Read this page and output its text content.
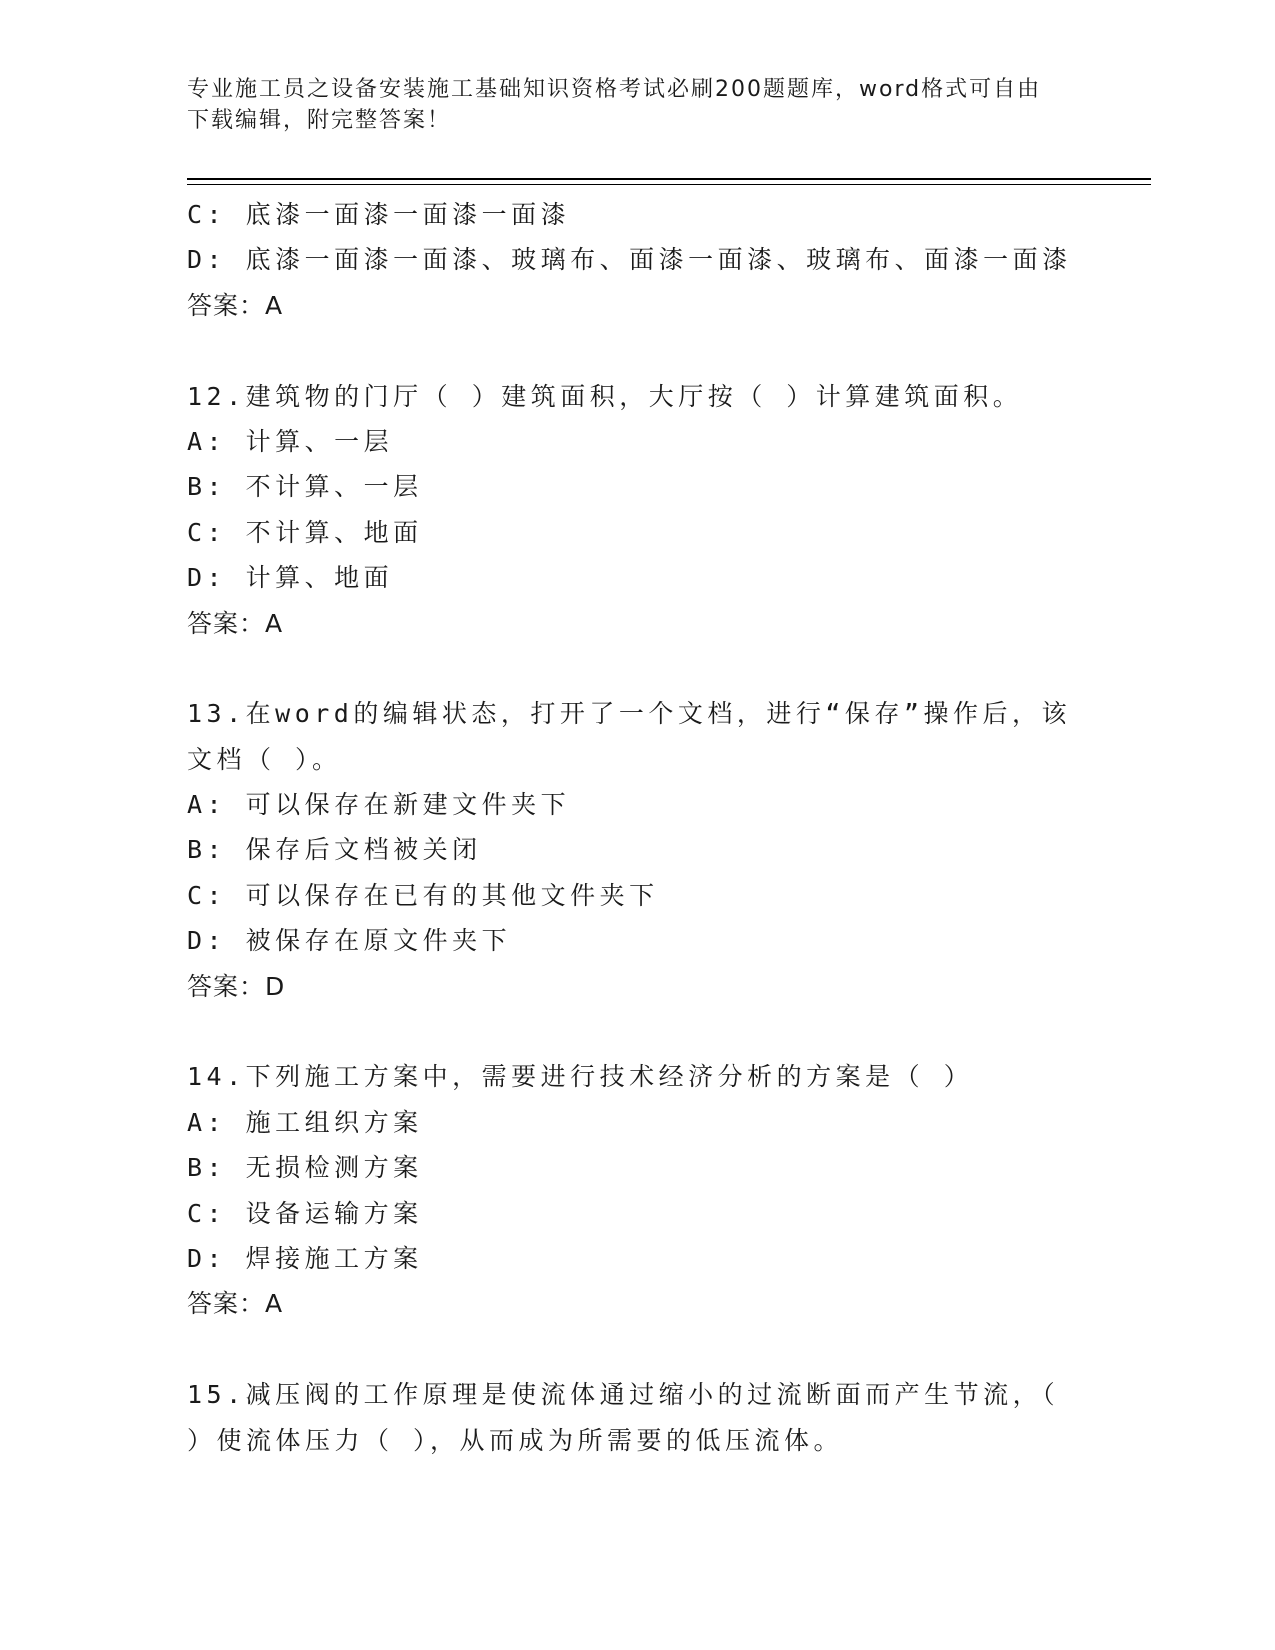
专业施工员之设备安装施工基础知识资格考试必刷200题题库，word格式可自由
下载编辑，附完整答案！
C: 底漆一面漆一面漆一面漆
D: 底漆一面漆一面漆、玻璃布、面漆一面漆、玻璃布、面漆一面漆
答案：A
12.建筑物的门厅（ ）建筑面积，大厅按（ ）计算建筑面积。
A: 计算、一层
B: 不计算、一层
C: 不计算、地面
D: 计算、地面
答案：A
13.在word的编辑状态，打开了一个文档，进行“保存”操作后，该
文档（ ）。
A: 可以保存在新建文件夹下
B: 保存后文档被关闭
C: 可以保存在已有的其他文件夹下
D: 被保存在原文件夹下
答案：D
14.下列施工方案中，需要进行技术经济分析的方案是（ ）
A: 施工组织方案
B: 无损检测方案
C: 设备运输方案
D: 焊接施工方案
答案：A
15.减压阀的工作原理是使流体通过缩小的过流断面而产生节流，（
）使流体压力（ ），从而成为所需要的低压流体。
